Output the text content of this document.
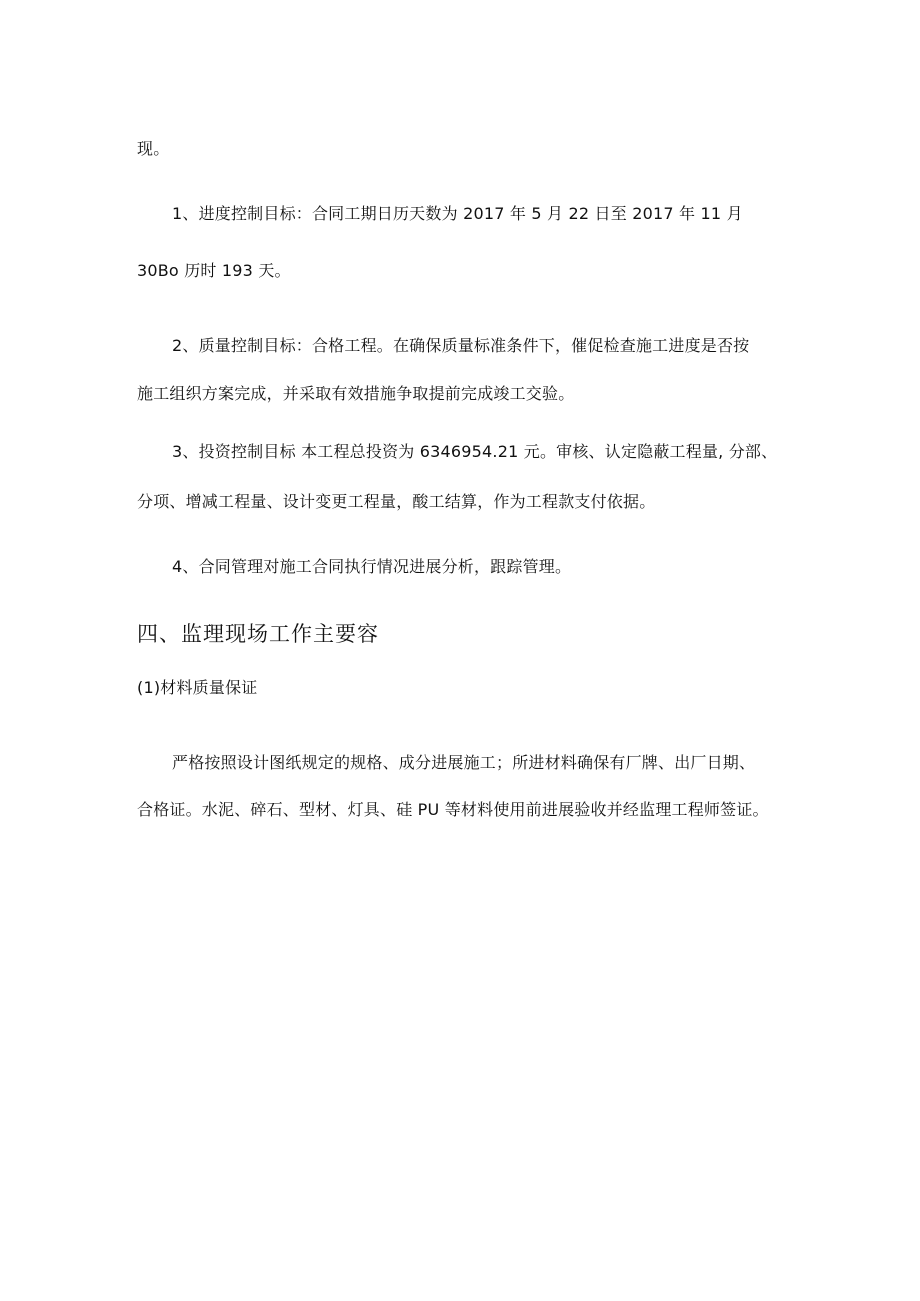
现。
1、进度控制目标：合同工期日历天数为 2017 年 5 月 22 日至 2017 年 11 月
30Bo 历时 193 天。
2、质量控制目标：合格工程。在确保质量标准条件下，催促检查施工进度是否按
施工组织方案完成，并采取有效措施争取提前完成竣工交验。
3、投资控制目标 本工程总投资为 6346954.21 元。审核、认定隐蔽工程量, 分部、
分项、增减工程量、设计变更工程量，酸工结算，作为工程款支付依据。
4、合同管理对施工合同执行情况进展分析，跟踪管理。
四、监理现场工作主要容
(1)材料质量保证
严格按照设计图纸规定的规格、成分进展施工；所进材料确保有厂牌、出厂日期、
合格证。水泥、碎石、型材、灯具、硅 PU 等材料使用前进展验收并经监理工程师签证。
